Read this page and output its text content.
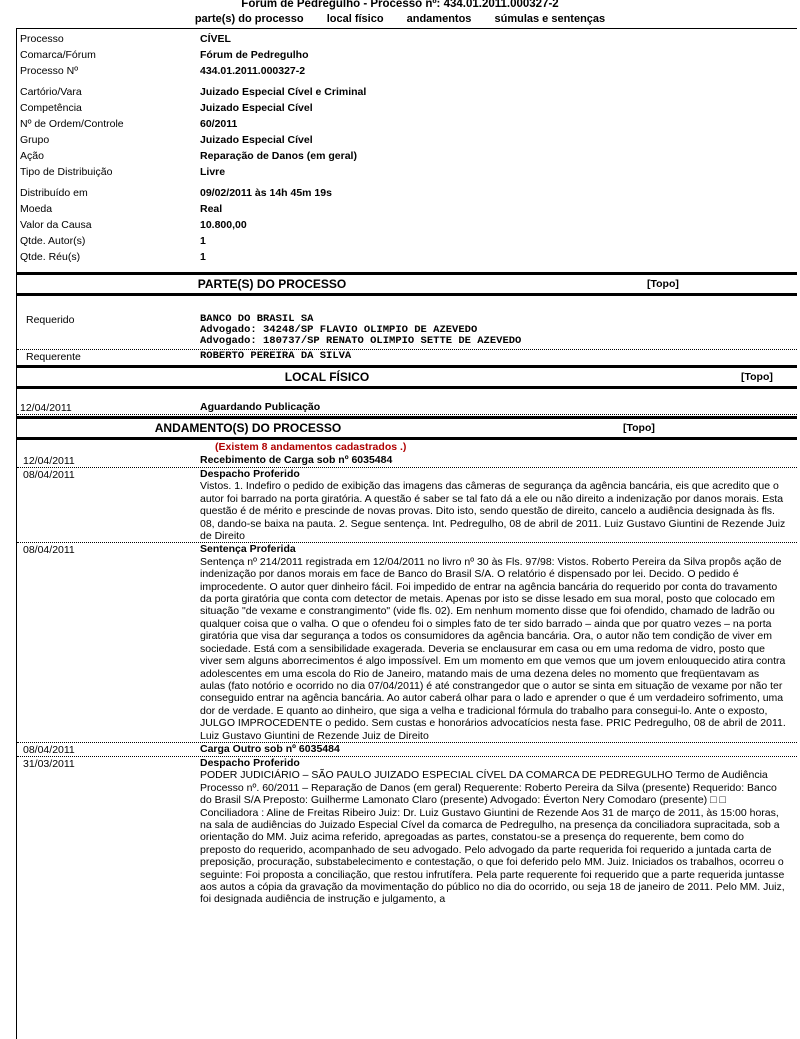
Fórum de Pedregulho - Processo nº: 434.01.2011.000327-2
parte(s) do processo local físico andamentos súmulas e sentenças
Processo	CÍVEL
Comarca/Fórum	Fórum de Pedregulho
Processo Nº	434.01.2011.000327-2
Cartório/Vara	Juizado Especial Cível e Criminal
Competência	Juizado Especial Cível
Nº de Ordem/Controle	60/2011
Grupo	Juizado Especial Cível
Ação	Reparação de Danos (em geral)
Tipo de Distribuição	Livre
Distribuído em	09/02/2011 às 14h 45m 19s
Moeda	Real
Valor da Causa	10.800,00
Qtde. Autor(s)	1
Qtde. Réu(s)	1
PARTE(S) DO PROCESSO	[Topo]
Requerido	BANCO DO BRASIL SA
Advogado: 34248/SP FLAVIO OLIMPIO DE AZEVEDO
Advogado: 180737/SP RENATO OLIMPIO SETTE DE AZEVEDO
Requerente	ROBERTO PEREIRA DA SILVA
LOCAL FÍSICO	[Topo]
12/04/2011	Aguardando Publicação
ANDAMENTO(S) DO PROCESSO	[Topo]
(Existem 8 andamentos cadastrados .)
12/04/2011	Recebimento de Carga sob nº 6035484
08/04/2011	Despacho Proferido
Vistos. 1. Indefiro o pedido de exibição das imagens das câmeras de segurança da agência bancária, eis que acredito que o autor foi barrado na porta giratória. A questão é saber se tal fato dá a ele ou não direito a indenização por danos morais. Esta questão é de mérito e prescinde de novas provas. Dito isto, sendo questão de direito, cancelo a audiência designada às fls. 08, dando-se baixa na pauta. 2. Segue sentença. Int. Pedregulho, 08 de abril de 2011. Luiz Gustavo Giuntini de Rezende Juiz de Direito
08/04/2011	Sentença Proferida
Sentença nº 214/2011 registrada em 12/04/2011 no livro nº 30 às Fls. 97/98: Vistos. Roberto Pereira da Silva propôs ação de indenização por danos morais em face de Banco do Brasil S/A. O relatório é dispensado por lei. Decido. O pedido é improcedente. O autor quer dinheiro fácil. Foi impedido de entrar na agência bancária do requerido por conta do travamento da porta giratória que conta com detector de metais. Apenas por isto se disse lesado em sua moral, posto que colocado em situação "de vexame e constrangimento" (vide fls. 02). Em nenhum momento disse que foi ofendido, chamado de ladrão ou qualquer coisa que o valha. O que o ofendeu foi o simples fato de ter sido barrado – ainda que por quatro vezes – na porta giratória que visa dar segurança a todos os consumidores da agência bancária. Ora, o autor não tem condição de viver em sociedade. Está com a sensibilidade exagerada. Deveria se enclausurar em casa ou em uma redoma de vidro, posto que viver sem alguns aborrecimentos é algo impossível. Em um momento em que vemos que um jovem enlouquecido atira contra adolescentes em uma escola do Rio de Janeiro, matando mais de uma dezena deles no momento que freqüentavam as aulas (fato notório e ocorrido no dia 07/04/2011) é até constrangedor que o autor se sinta em situação de vexame por não ter conseguido entrar na agência bancária. Ao autor caberá olhar para o lado e aprender o que é um verdadeiro sofrimento, uma dor de verdade. E quanto ao dinheiro, que siga a velha e tradicional fórmula do trabalho para consegui-lo. Ante o exposto, JULGO IMPROCEDENTE o pedido. Sem custas e honorários advocatícios nesta fase. PRIC Pedregulho, 08 de abril de 2011. Luiz Gustavo Giuntini de Rezende Juiz de Direito
08/04/2011	Carga Outro sob nº 6035484
31/03/2011	Despacho Proferido
PODER JUDICIÁRIO – SÃO PAULO JUIZADO ESPECIAL CÍVEL DA COMARCA DE PEDREGULHO Termo de Audiência Processo nº. 60/2011 – Reparação de Danos (em geral) Requerente: Roberto Pereira da Silva (presente) Requerido: Banco do Brasil S/A Preposto: Guilherme Lamonato Claro (presente) Advogado: Éverton Nery Comodaro (presente) □ □ Conciliadora : Aline de Freitas Ribeiro Juiz: Dr. Luiz Gustavo Giuntini de Rezende Aos 31 de março de 2011, às 15:00 horas, na sala de audiências do Juizado Especial Cível da comarca de Pedregulho, na presença da conciliadora supracitada, sob a orientação do MM. Juiz acima referido, apregoadas as partes, constatou-se a presença do requerente, bem como do preposto do requerido, acompanhado de seu advogado. Pelo advogado da parte requerida foi requerido a juntada carta de preposição, procuração, substabelecimento e contestação, o que foi deferido pelo MM. Juiz. Iniciados os trabalhos, ocorreu o seguinte: Foi proposta a conciliação, que restou infrutífera. Pela parte requerente foi requerido que a parte requerida juntasse aos autos a cópia da gravação da movimentação do público no dia do ocorrido, ou seja 18 de janeiro de 2011. Pelo MM. Juiz, foi designada audiência de instrução e julgamento, a
